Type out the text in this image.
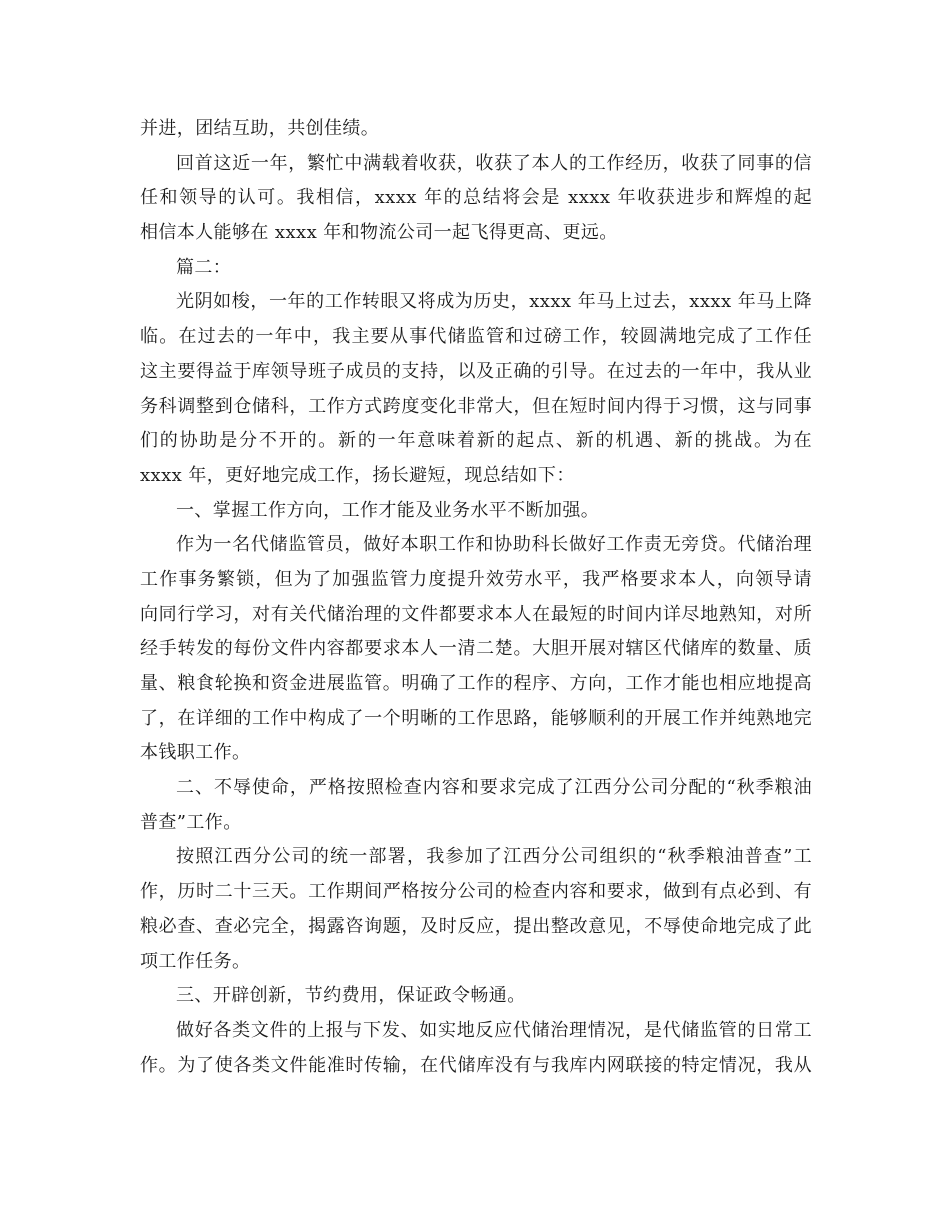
并进，团结互助，共创佳绩。
回首这近一年，繁忙中满载着收获，收获了本人的工作经历，收获了同事的信
任和领导的认可。我相信，xxxx 年的总结将会是 xxxx 年收获进步和辉煌的起
相信本人能够在 xxxx 年和物流公司一起飞得更高、更远。
篇二：
光阴如梭，一年的工作转眼又将成为历史，xxxx 年马上过去，xxxx 年马上降
临。在过去的一年中，我主要从事代储监管和过磅工作，较圆满地完成了工作任
这主要得益于库领导班子成员的支持，以及正确的引导。在过去的一年中，我从业
务科调整到仓储科，工作方式跨度变化非常大，但在短时间内得于习惯，这与同事
们的协助是分不开的。新的一年意味着新的起点、新的机遇、新的挑战。为在
xxxx 年，更好地完成工作，扬长避短，现总结如下：
一、掌握工作方向，工作才能及业务水平不断加强。
作为一名代储监管员，做好本职工作和协助科长做好工作责无旁贷。代储治理
工作事务繁锁，但为了加强监管力度提升效劳水平，我严格要求本人，向领导请
向同行学习，对有关代储治理的文件都要求本人在最短的时间内详尽地熟知，对所
经手转发的每份文件内容都要求本人一清二楚。大胆开展对辖区代储库的数量、质
量、粮食轮换和资金进展监管。明确了工作的程序、方向，工作才能也相应地提高
了，在详细的工作中构成了一个明晰的工作思路，能够顺利的开展工作并纯熟地完
本钱职工作。
二、不辱使命，严格按照检查内容和要求完成了江西分公司分配的“秋季粮油
普查”工作。
按照江西分公司的统一部署，我参加了江西分公司组织的“秋季粮油普查”工
作，历时二十三天。工作期间严格按分公司的检查内容和要求，做到有点必到、有
粮必查、查必完全，揭露咨询题，及时反应，提出整改意见，不辱使命地完成了此
项工作任务。
三、开辟创新，节约费用，保证政令畅通。
做好各类文件的上报与下发、如实地反应代储治理情况，是代储监管的日常工
作。为了使各类文件能准时传输，在代储库没有与我库内网联接的特定情况，我从
